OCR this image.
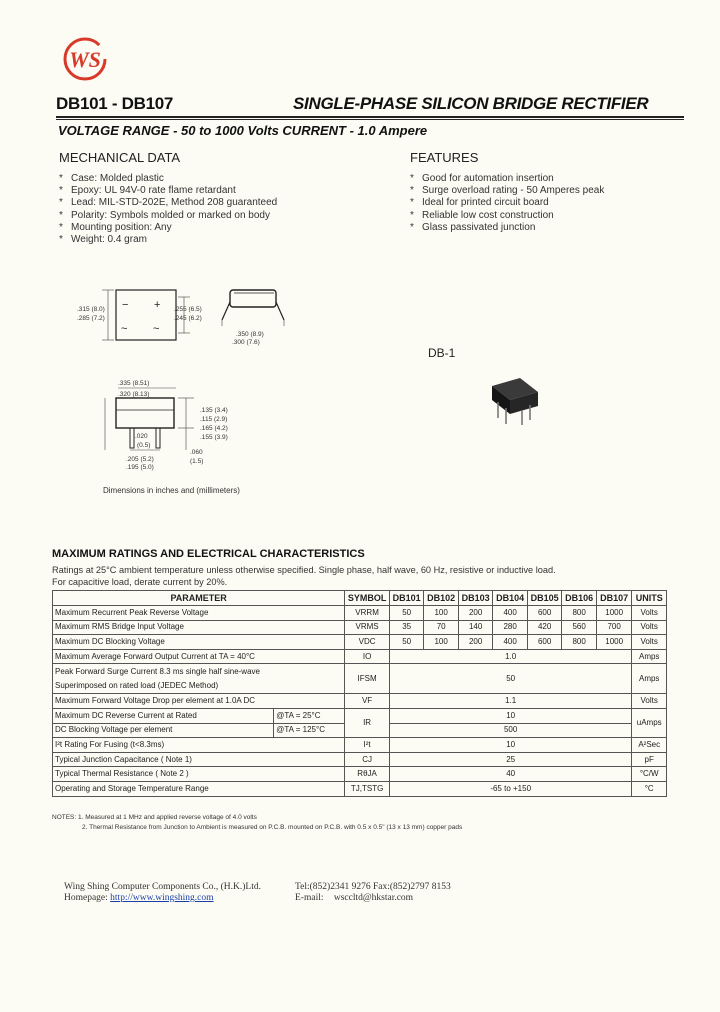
WS
DB101 - DB107	SINGLE-PHASE SILICON BRIDGE RECTIFIER
VOLTAGE RANGE - 50 to 1000 Volts CURRENT - 1.0 Ampere
MECHANICAL DATA
* Case: Molded plastic
* Epoxy: UL 94V-0 rate flame retardant
* Lead: MIL-STD-202E, Method 208 guaranteed
* Polarity: Symbols molded or marked on body
* Mounting position: Any
* Weight: 0.4 gram
FEATURES
* Good for automation insertion
* Surge overload rating - 50 Amperes peak
* Ideal for printed circuit board
* Reliable low cost construction
* Glass passivated junction
− +
~ ~
.315 (8.0)
.285 (7.2)
.255 (6.5)
.245 (6.2)
.350 (8.9)
.300 (7.6)
.335 (8.51)
.320 (8.13)
.135 (3.4)
.115 (2.9)
.165 (4.2)
.155 (3.9)
.020
(0.5)
.205 (5.2)
.195 (5.0)
.060
(1.5)
Dimensions in inches and (millimeters)
DB-1
MAXIMUM RATINGS AND ELECTRICAL CHARACTERISTICS
Ratings at 25°C ambient temperature unless otherwise specified. Single phase, half wave, 60 Hz, resistive or inductive load.
For capacitive load, derate current by 20%.
PARAMETER		SYMBOL	DB101	DB102	DB103	DB104	DB105	DB106	DB107	UNITS
Maximum Recurrent Peak Reverse Voltage		VRRM	50	100	200	400	600	800	1000	Volts
Maximum RMS Bridge Input Voltage		VRMS	35	70	140	280	420	560	700	Volts
Maximum DC Blocking Voltage		VDC	50	100	200	400	600	800	1000	Volts
Maximum Average Forward Output Current at TA = 40°C		IO	1.0							Amps

Peak Forward Surge Current 8.3 ms single half sine-wave
Superimposed on rated load (JEDEC Method)		IFSM	50							Amps
Maximum Forward Voltage Drop per element at 1.0A DC		VF	1.1							Volts
Maximum DC Reverse Current at Rated	@TA = 25°C	IR	10							uAmps
DC Blocking Voltage per element	@TA = 125°C		500							
I²t Rating For Fusing (t<8.3ms)		I²t	10							A²Sec
Typical Junction Capacitance ( Note 1)		CJ	25							pF
Typical Thermal Resistance ( Note 2 )		RθJA	40							°C/W
Operating and Storage Temperature Range		TJ,TSTG	-65 to +150							°C
NOTES: 1. Measured at 1 MHz and applied reverse voltage of 4.0 volts
2. Thermal Resistance from Junction to Ambient is measured on P.C.B. mounted on P.C.B. with 0.5 x 0.5" (13 x 13 mm) copper pads
Wing Shing Computer Components Co., (H.K.)Ltd.
Homepage: http://www.wingshing.com
Tel:(852)2341 9276 Fax:(852)2797 8153
E-mail: wsccltd@hkstar.com
